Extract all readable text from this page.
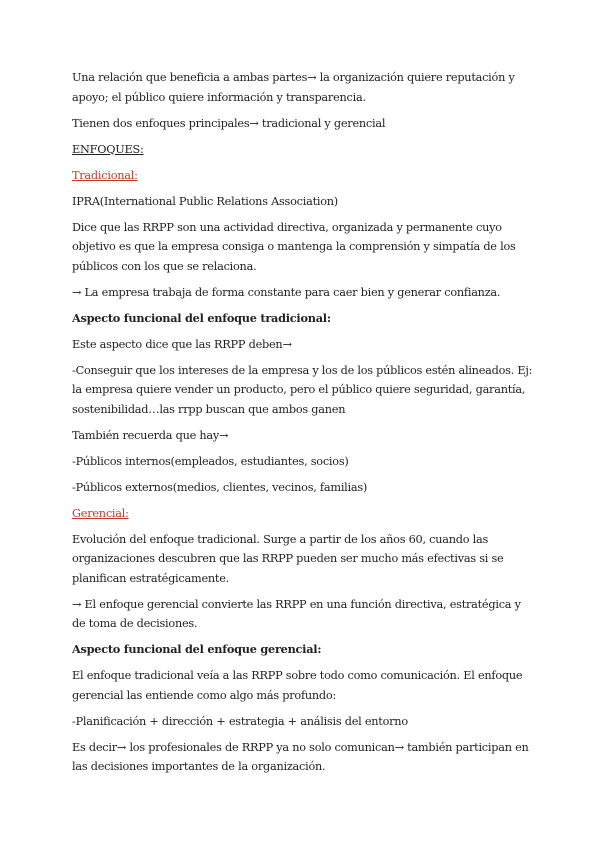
Una relación que beneficia a ambas partes→ la organización quiere reputación y apoyo; el público quiere información y transparencia.

Tienen dos enfoques principales→ tradicional y gerencial

ENFOQUES:

Tradicional:

IPRA(International Public Relations Association)

Dice que las RRPP son una actividad directiva, organizada y permanente cuyo objetivo es que la empresa consiga o mantenga la comprensión y simpatía de los públicos con los que se relaciona.

→ La empresa trabaja de forma constante para caer bien y generar confianza.

Aspecto funcional del enfoque tradicional:

Este aspecto dice que las RRPP deben→

-Conseguir que los intereses de la empresa y los de los públicos estén alineados. Ej: la empresa quiere vender un producto, pero el público quiere seguridad, garantía, sostenibilidad…las rrpp buscan que ambos ganen

También recuerda que hay→

-Públicos internos(empleados, estudiantes, socios)

-Públicos externos(medios, clientes, vecinos, familias)

Gerencial:

Evolución del enfoque tradicional. Surge a partir de los años 60, cuando las organizaciones descubren que las RRPP pueden ser mucho más efectivas si se planifican estratégicamente.

→ El enfoque gerencial convierte las RRPP en una función directiva, estratégica y de toma de decisiones.

Aspecto funcional del enfoque gerencial:

El enfoque tradicional veía a las RRPP sobre todo como comunicación. El enfoque gerencial las entiende como algo más profundo:

-Planificación + dirección + estrategia + análisis del entorno

Es decir→ los profesionales de RRPP ya no solo comunican→ también participan en las decisiones importantes de la organización.
